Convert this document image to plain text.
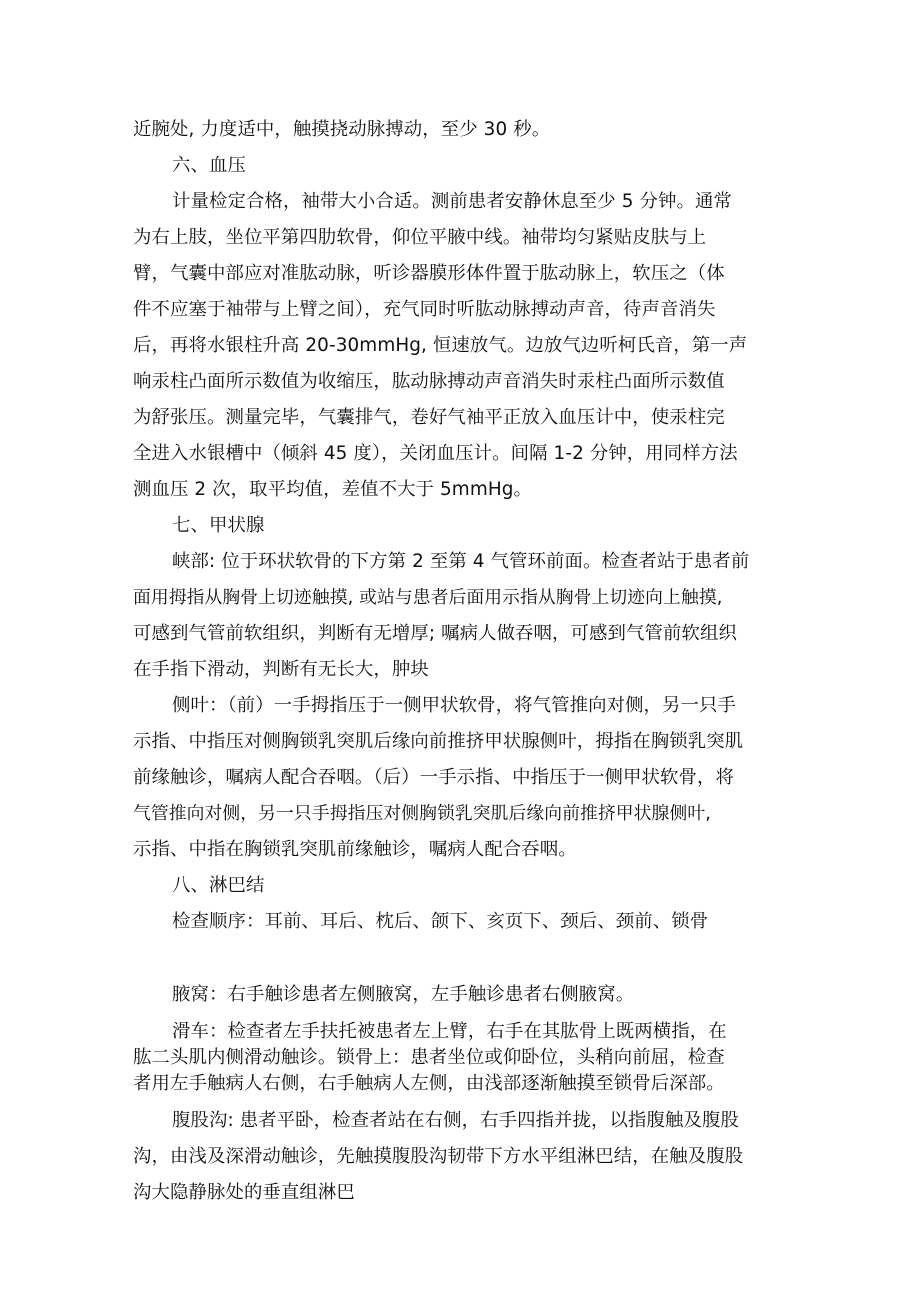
近腕处, 力度适中，触摸挠动脉搏动，至少 30 秒。
六、血压
计量检定合格，袖带大小合适。测前患者安静休息至少 5 分钟。通常
为右上肢，坐位平第四肋软骨，仰位平腋中线。袖带均匀紧贴皮肤与上
臂，气囊中部应对准肱动脉，听诊器膜形体件置于肱动脉上，软压之（体
件不应塞于袖带与上臂之间），充气同时听肱动脉搏动声音，待声音消失
后，再将水银柱升高 20-30mmHg, 恒速放气。边放气边听柯氏音，第一声
响汞柱凸面所示数值为收缩压，肱动脉搏动声音消失时汞柱凸面所示数值
为舒张压。测量完毕，气囊排气，卷好气袖平正放入血压计中，使汞柱完
全进入水银槽中（倾斜 45 度），关闭血压计。间隔 1-2 分钟，用同样方法
测血压 2 次，取平均值，差值不大于 5mmHg。
七、甲状腺
峡部: 位于环状软骨的下方第 2 至第 4 气管环前面。检查者站于患者前
面用拇指从胸骨上切迹触摸, 或站与患者后面用示指从胸骨上切迹向上触摸,
可感到气管前软组织，判断有无增厚; 嘱病人做吞咽，可感到气管前软组织
在手指下滑动，判断有无长大，肿块
侧叶：（前）一手拇指压于一侧甲状软骨，将气管推向对侧，另一只手
示指、中指压对侧胸锁乳突肌后缘向前推挤甲状腺侧叶，拇指在胸锁乳突肌
前缘触诊，嘱病人配合吞咽。（后）一手示指、中指压于一侧甲状软骨，将
气管推向对侧，另一只手拇指压对侧胸锁乳突肌后缘向前推挤甲状腺侧叶,
示指、中指在胸锁乳突肌前缘触诊，嘱病人配合吞咽。
八、淋巴结
检查顺序：耳前、耳后、枕后、颌下、亥页下、颈后、颈前、锁骨
腋窝：右手触诊患者左侧腋窝，左手触诊患者右侧腋窝。
滑车：检查者左手扶托被患者左上臂，右手在其肱骨上既两横指，在
肱二头肌内侧滑动触诊。锁骨上：患者坐位或仰卧位，头稍向前屈，检查
者用左手触病人右侧，右手触病人左侧，由浅部逐渐触摸至锁骨后深部。
腹股沟: 患者平卧，检查者站在右侧，右手四指并拢，以指腹触及腹股
沟，由浅及深滑动触诊，先触摸腹股沟韧带下方水平组淋巴结，在触及腹股
沟大隐静脉处的垂直组淋巴
